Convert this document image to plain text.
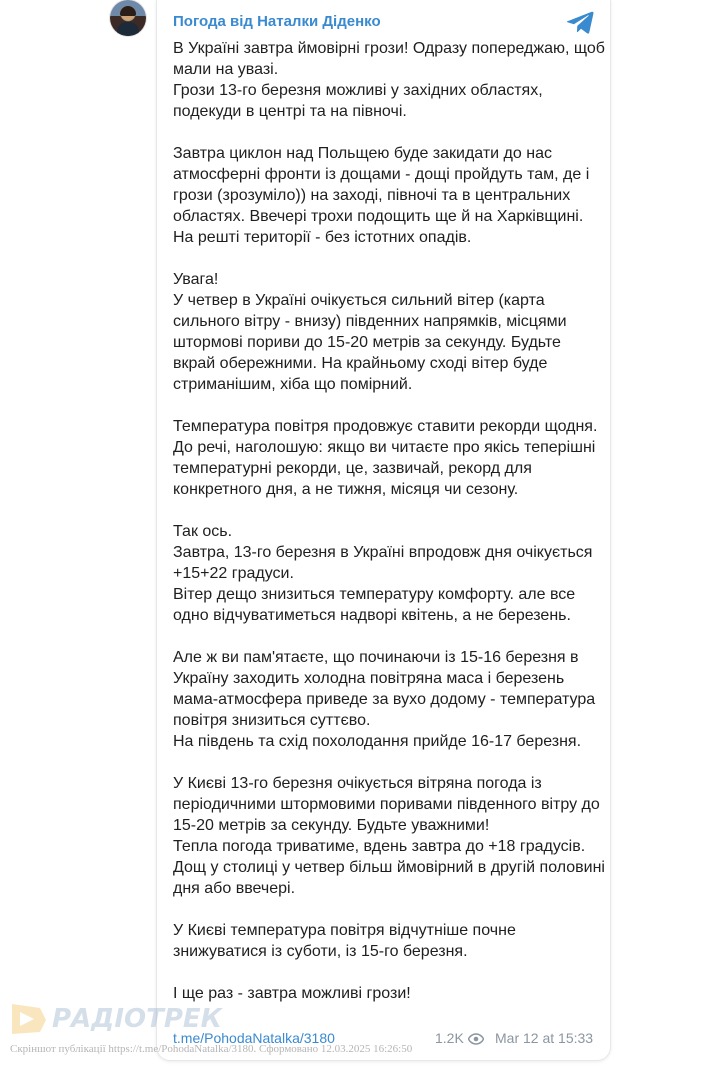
Погода від Наталки Діденко
В Україні завтра ймовірні грози! Одразу попереджаю, щоб мали на увазі.
Грози 13-го березня можливі у західних областях, подекуди в центрі та на півночі.

Завтра циклон над Польщею буде закидати до нас атмосферні фронти із дощами - дощі пройдуть там, де і грози (зрозуміло)) на заході, півночі та в центральних областях. Ввечері трохи подощить ще й на Харківщині. На решті території - без істотних опадів.

Увага!
У четвер в Україні очікується сильний вітер (карта сильного вітру - внизу) південних напрямків, місцями штормові пориви до 15-20 метрів за секунду. Будьте вкрай обережними. На крайньому сході вітер буде стриманішим, хіба що помірний.

Температура повітря продовжує ставити рекорди щодня.
До речі, наголошую: якщо ви читаєте про якісь теперішні температурні рекорди, це, зазвичай, рекорд для конкретного дня, а не тижня, місяця чи сезону.

Так ось.
Завтра, 13-го березня в Україні впродовж дня очікується +15+22 градуси.
Вітер дещо знизиться температуру комфорту. але все одно відчуватиметься надворі квітень, а не березень.

Але ж ви пам'ятаєте, що починаючи із 15-16 березня в Україну заходить холодна повітряна маса і березень мама-атмосфера приведе за вуxо додому - температура повітря знизиться суттєво.
На південь та схід похолодання прийде 16-17 березня.

У Києві 13-го березня очікується вітряна погода із періодичними штормовими поривами південного вітру до 15-20 метрів за секунду. Будьте уважними!
Тепла погода триватиме, вдень завтра до +18 градусів.
Дощ у столиці у четвер більш ймовірний в другій половині дня або ввечері.

У Києві температура повітря відчутніше почне знижуватися із суботи, із 15-го березня.

І ще раз - завтра можливі грози!
t.me/PohodaNatalka/3180	1.2K Mar 12 at 15:33
РАДІОТРЕК
Скріншот публікації https://t.me/PohodaNatalka/3180. Сформовано 12.03.2025 16:26:50
